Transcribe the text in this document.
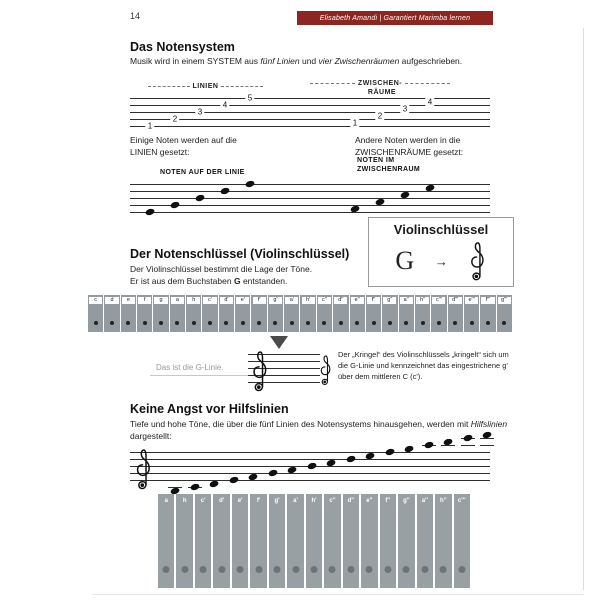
14	Elisabeth Amandi | Garantiert Marimba lernen
Das Notensystem

Musik wird in einem SYSTEM aus fünf Linien und vier Zwischenräumen aufgeschrieben.

LINIEN	ZWISCHEN-
RÄUME
1
2
3
4
5
1
2
3
4
Einige Noten werden auf die LINIEN gesetzt:
Andere Noten werden in die ZWISCHENRÄUME gesetzt:
NOTEN AUF DER LINIE
NOTEN IM ZWISCHENRAUM
Violinschlüssel
G →
Der Notenschlüssel (Violinschlüssel)
Der Violinschlüssel bestimmt die Lage der Töne.
Er ist aus dem Buchstaben G entstanden.
c	d	e	f	g	a	h	c'	d'	e'	f'	g'	a'	h'	c''	d''	e''	f''	g''	a''	h''	c'''	d'''	e'''	f'''	g'''
Das ist die G-Linie.

Der „Kringel“ des Violinschlüssels „kringelt“ sich um die G-Linie und kennzeichnet das eingestrichene g' über dem mittleren C (c').

Keine Angst vor Hilfslinien

Tiefe und hohe Töne, die über die fünf Linien des Notensystems hinausgehen, werden mit Hilfslinien dargestellt:

a	h	c'	d'	e'	f'	g'	a'	h'	c''	d''	e''	f''	g''	a''	h''	c'''
